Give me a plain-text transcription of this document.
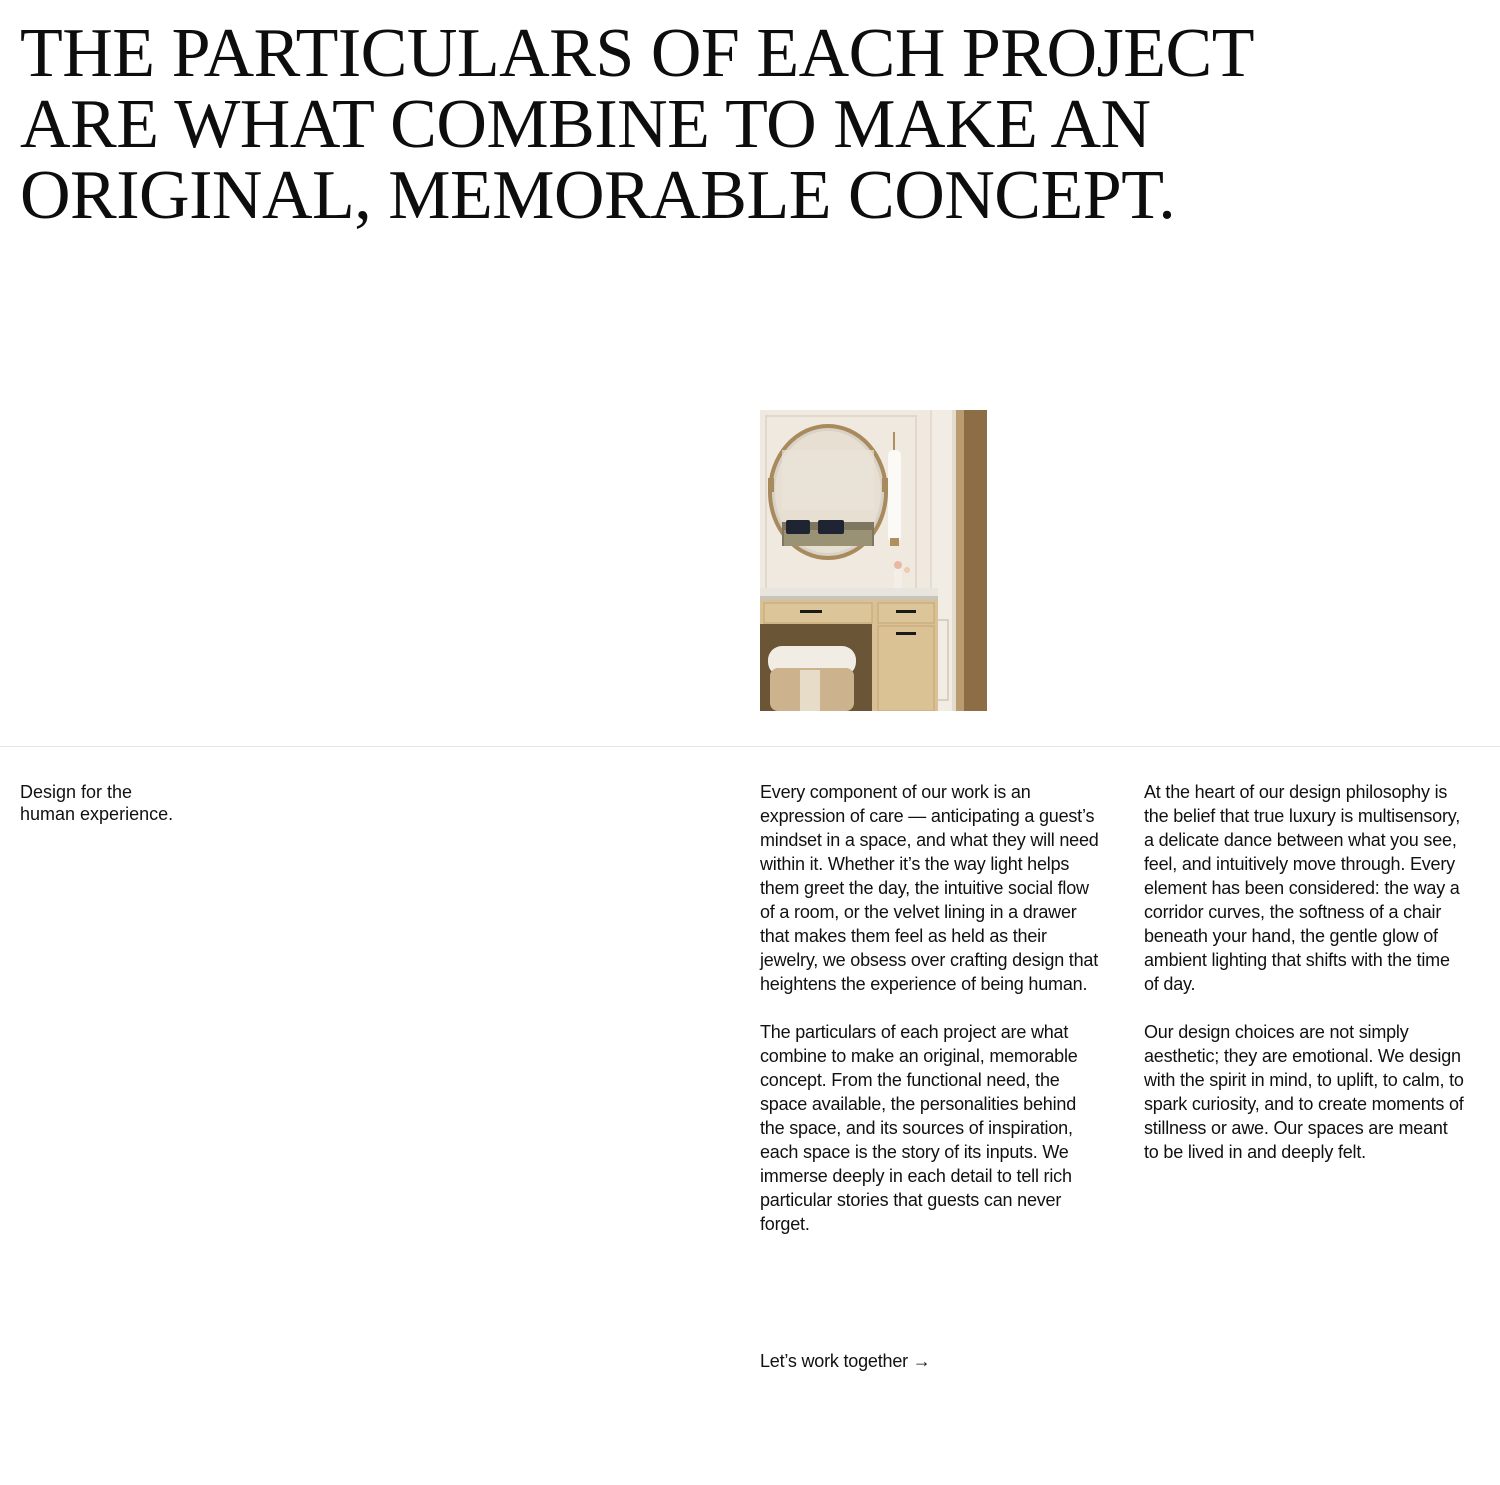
THE PARTICULARS OF EACH PROJECT
ARE WHAT COMBINE TO MAKE AN
ORIGINAL, MEMORABLE CONCEPT.
Design for the
human experience.

Every component of our work is an expression of care — anticipating a guest’s mindset in a space, and what they will need within it. Whether it’s the way light helps them greet the day, the intuitive social flow of a room, or the velvet lining in a drawer that makes them feel as held as their jewelry, we obsess over crafting design that heightens the experience of being human.

The particulars of each project are what combine to make an original, memorable concept. From the functional need, the space available, the personalities behind the space, and its sources of inspiration, each space is the story of its inputs. We immerse deeply in each detail to tell rich particular stories that guests can never forget.

At the heart of our design philosophy is the belief that true luxury is multisensory, a delicate dance between what you see, feel, and intuitively move through. Every element has been considered: the way a corridor curves, the softness of a chair beneath your hand, the gentle glow of ambient lighting that shifts with the time of day.

Our design choices are not simply aesthetic; they are emotional. We design with the spirit in mind, to uplift, to calm, to spark curiosity, and to create moments of stillness or awe. Our spaces are meant to be lived in and deeply felt.

Let’s work together →
